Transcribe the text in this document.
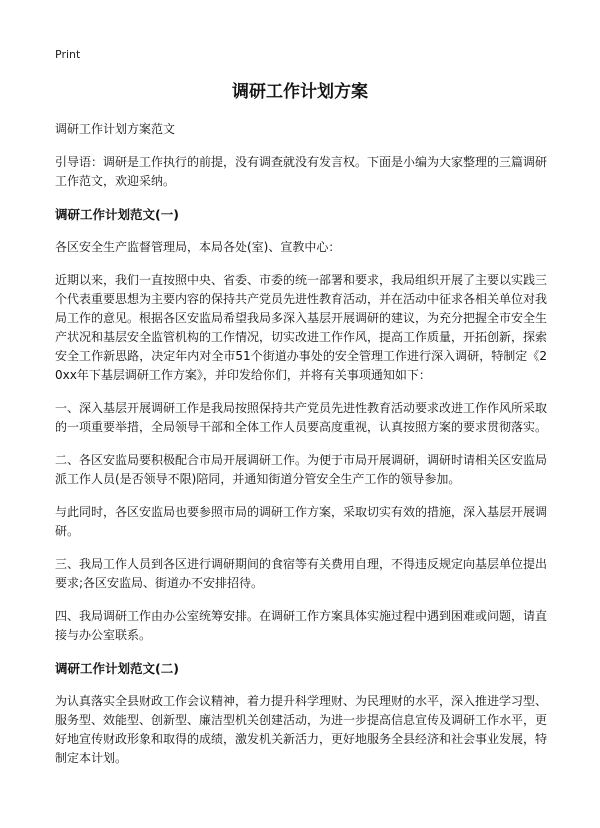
Print
调研工作计划方案

调研工作计划方案范文

引导语：调研是工作执行的前提，没有调查就没有发言权。下面是小编为大家整理的三篇调研工作范文，欢迎采纳。

调研工作计划范文(一)

各区安全生产监督管理局，本局各处(室)、宣教中心：

近期以来，我们一直按照中央、省委、市委的统一部署和要求，我局组织开展了主要以实践三个代表重要思想为主要内容的保持共产党员先进性教育活动，并在活动中征求各相关单位对我局工作的意见。根据各区安监局希望我局多深入基层开展调研的建议，为充分把握全市安全生产状况和基层安全监管机构的工作情况，切实改进工作作风，提高工作质量，开拓创新，探索安全工作新思路，决定年内对全市51个街道办事处的安全管理工作进行深入调研，特制定《20xx年下基层调研工作方案》，并印发给你们，并将有关事项通知如下：

一、深入基层开展调研工作是我局按照保持共产党员先进性教育活动要求改进工作作风所采取的一项重要举措，全局领导干部和全体工作人员要高度重视，认真按照方案的要求贯彻落实。

二、各区安监局要积极配合市局开展调研工作。为便于市局开展调研，调研时请相关区安监局派工作人员(是否领导不限)陪同，并通知街道分管安全生产工作的领导参加。

与此同时，各区安监局也要参照市局的调研工作方案，采取切实有效的措施，深入基层开展调研。

三、我局工作人员到各区进行调研期间的食宿等有关费用自理，不得违反规定向基层单位提出要求;各区安监局、街道办不安排招待。

四、我局调研工作由办公室统筹安排。在调研工作方案具体实施过程中遇到困难或问题，请直接与办公室联系。

调研工作计划范文(二)

为认真落实全县财政工作会议精神，着力提升科学理财、为民理财的水平，深入推进学习型、服务型、效能型、创新型、廉洁型机关创建活动，为进一步提高信息宣传及调研工作水平，更好地宣传财政形象和取得的成绩，激发机关新活力，更好地服务全县经济和社会事业发展，特制定本计划。
